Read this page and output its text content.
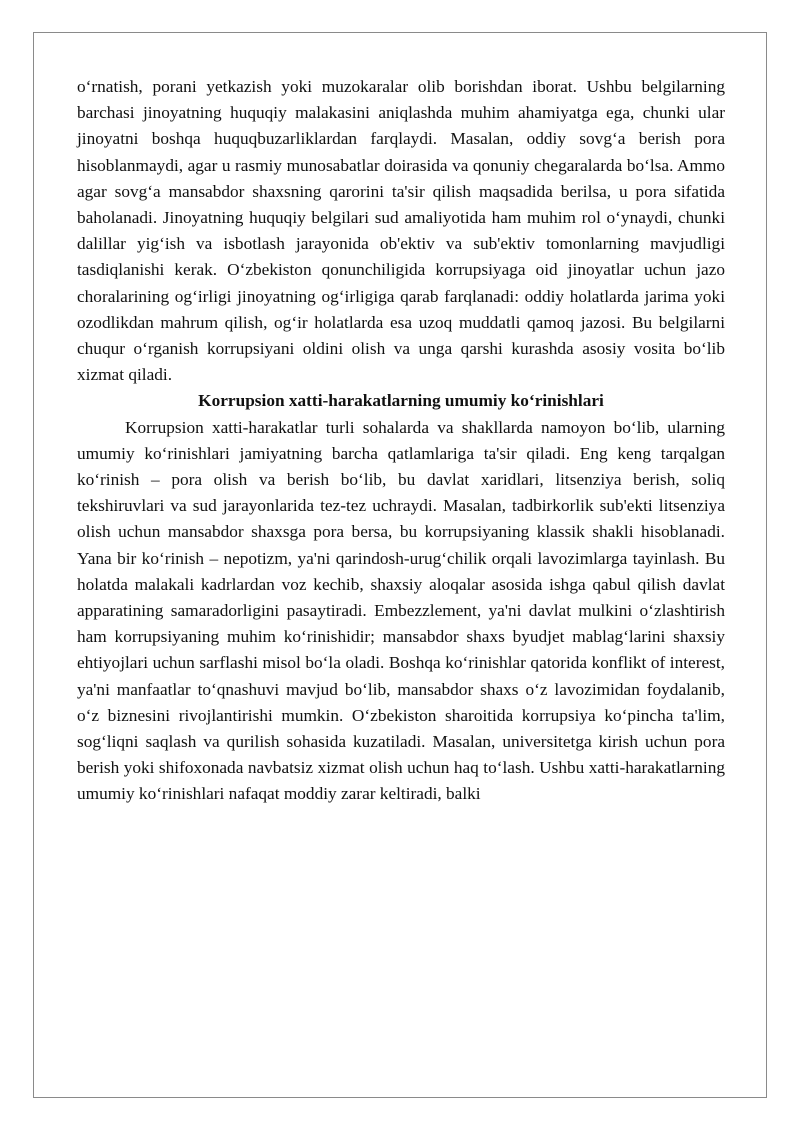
o‘rnatish, porani yetkazish yoki muzokaralar olib borishdan iborat. Ushbu belgilarning barchasi jinoyatning huquqiy malakasini aniqlashda muhim ahamiyatga ega, chunki ular jinoyatni boshqa huquqbuzarliklardan farqlaydi. Masalan, oddiy sovg‘a berish pora hisoblanmaydi, agar u rasmiy munosabatlar doirasida va qonuniy chegaralarda bo‘lsa. Ammo agar sovg‘a mansabdor shaxsning qarorini ta'sir qilish maqsadida berilsa, u pora sifatida baholanadi. Jinoyatning huquqiy belgilari sud amaliyotida ham muhim rol o‘ynaydi, chunki dalillar yig‘ish va isbotlash jarayonida ob'ektiv va sub'ektiv tomonlarning mavjudligi tasdiqlanishi kerak. O‘zbekiston qonunchiligida korrupsiyaga oid jinoyatlar uchun jazo choralarining og‘irligi jinoyatning og‘irligiga qarab farqlanadi: oddiy holatlarda jarima yoki ozodlikdan mahrum qilish, og‘ir holatlarda esa uzoq muddatli qamoq jazosi. Bu belgilarni chuqur o‘rganish korrupsiyani oldini olish va unga qarshi kurashda asosiy vosita bo‘lib xizmat qiladi.

Korrupsion xatti-harakatlarning umumiy ko‘rinishlari

Korrupsion xatti-harakatlar turli sohalarda va shakllarda namoyon bo‘lib, ularning umumiy ko‘rinishlari jamiyatning barcha qatlamlariga ta'sir qiladi. Eng keng tarqalgan ko‘rinish – pora olish va berish bo‘lib, bu davlat xaridlari, litsenziya berish, soliq tekshiruvlari va sud jarayonlarida tez-tez uchraydi. Masalan, tadbirkorlik sub'ekti litsenziya olish uchun mansabdor shaxsga pora bersa, bu korrupsiyaning klassik shakli hisoblanadi. Yana bir ko‘rinish – nepotizm, ya'ni qarindosh-urug‘chilik orqali lavozimlarga tayinlash. Bu holatda malakali kadrlardan voz kechib, shaxsiy aloqalar asosida ishga qabul qilish davlat apparatining samaradorligini pasaytiradi. Embezzlement, ya'ni davlat mulkini o‘zlashtirish ham korrupsiyaning muhim ko‘rinishidir; mansabdor shaxs byudjet mablag‘larini shaxsiy ehtiyojlari uchun sarflashi misol bo‘la oladi. Boshqa ko‘rinishlar qatorida konflikt of interest, ya'ni manfaatlar to‘qnashuvi mavjud bo‘lib, mansabdor shaxs o‘z lavozimidan foydalanib, o‘z biznesini rivojlantirishi mumkin. O‘zbekiston sharoitida korrupsiya ko‘pincha ta'lim, sog‘liqni saqlash va qurilish sohasida kuzatiladi. Masalan, universitetga kirish uchun pora berish yoki shifoxonada navbatsiz xizmat olish uchun haq to‘lash. Ushbu xatti-harakatlarning umumiy ko‘rinishlari nafaqat moddiy zarar keltiradi, balki
